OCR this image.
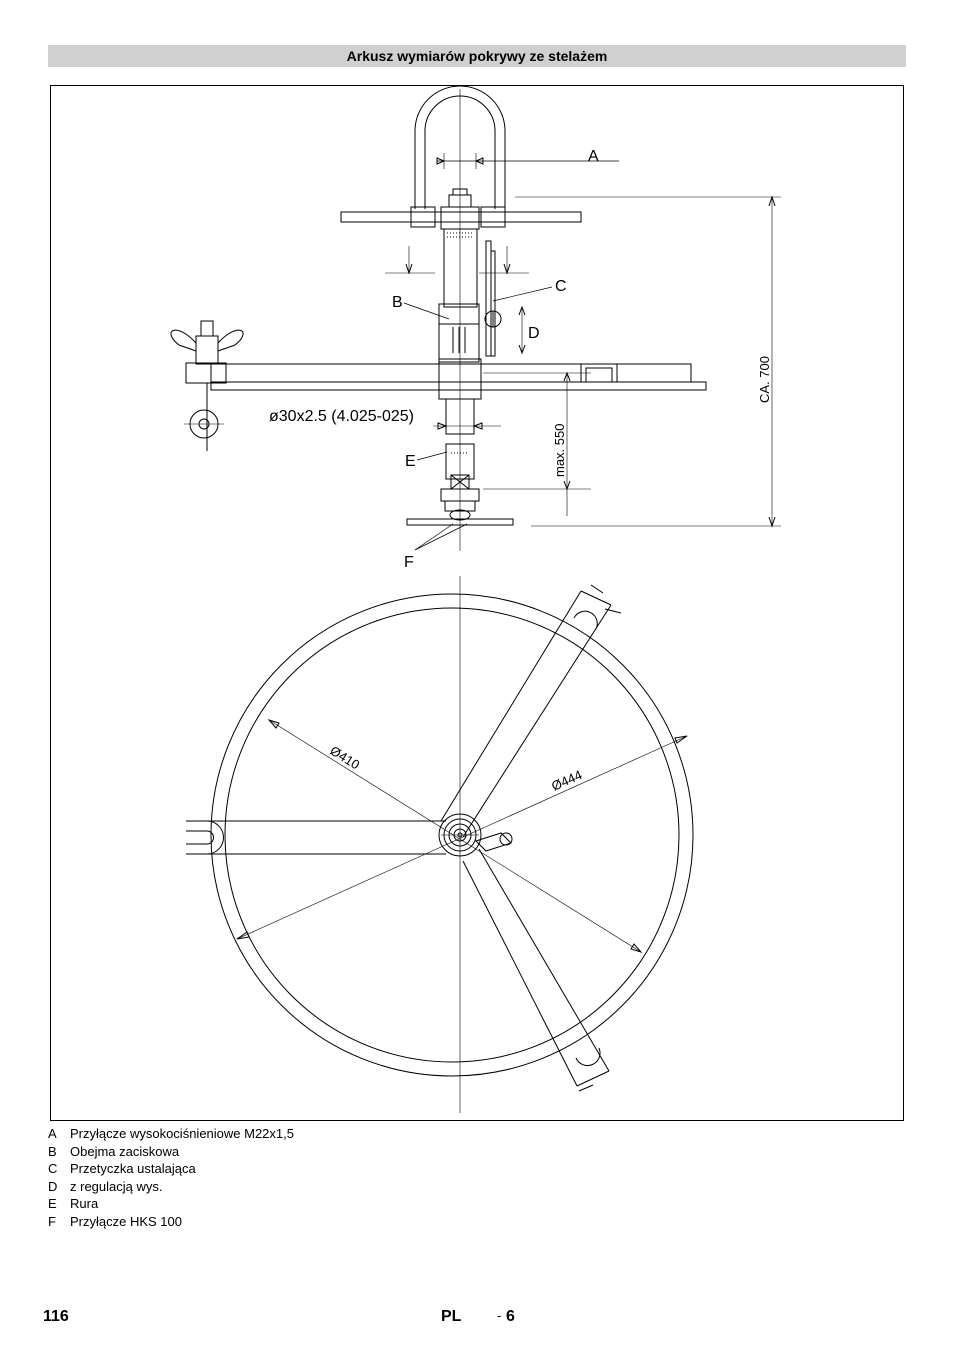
Arkusz wymiarów pokrywy ze stelażem
A
B
C
D
E
F
ø30x2.5 (4.025-025)
max. 550
CA. 700
Ø410
Ø444
A	Przyłącze wysokociśnieniowe M22x1,5
B	Obejma zaciskowa
C Przetyczka ustalająca
D z regulacją wys.
E	Rura
F	Przyłącze HKS 100
116	PL	- 6
